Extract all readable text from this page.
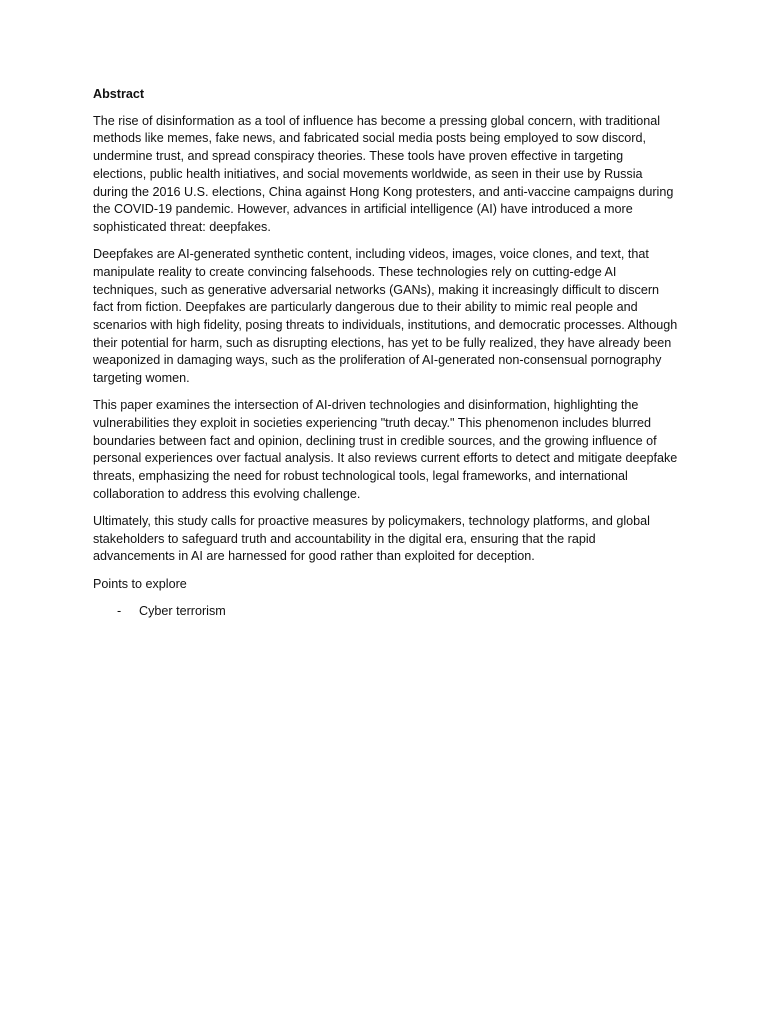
Abstract

The rise of disinformation as a tool of influence has become a pressing global concern, with traditional methods like memes, fake news, and fabricated social media posts being employed to sow discord, undermine trust, and spread conspiracy theories. These tools have proven effective in targeting elections, public health initiatives, and social movements worldwide, as seen in their use by Russia during the 2016 U.S. elections, China against Hong Kong protesters, and anti-vaccine campaigns during the COVID-19 pandemic. However, advances in artificial intelligence (AI) have introduced a more sophisticated threat: deepfakes.

Deepfakes are AI-generated synthetic content, including videos, images, voice clones, and text, that manipulate reality to create convincing falsehoods. These technologies rely on cutting-edge AI techniques, such as generative adversarial networks (GANs), making it increasingly difficult to discern fact from fiction. Deepfakes are particularly dangerous due to their ability to mimic real people and scenarios with high fidelity, posing threats to individuals, institutions, and democratic processes. Although their potential for harm, such as disrupting elections, has yet to be fully realized, they have already been weaponized in damaging ways, such as the proliferation of AI-generated non-consensual pornography targeting women.

This paper examines the intersection of AI-driven technologies and disinformation, highlighting the vulnerabilities they exploit in societies experiencing "truth decay." This phenomenon includes blurred boundaries between fact and opinion, declining trust in credible sources, and the growing influence of personal experiences over factual analysis. It also reviews current efforts to detect and mitigate deepfake threats, emphasizing the need for robust technological tools, legal frameworks, and international collaboration to address this evolving challenge.

Ultimately, this study calls for proactive measures by policymakers, technology platforms, and global stakeholders to safeguard truth and accountability in the digital era, ensuring that the rapid advancements in AI are harnessed for good rather than exploited for deception.

Points to explore

-	Cyber terrorism
